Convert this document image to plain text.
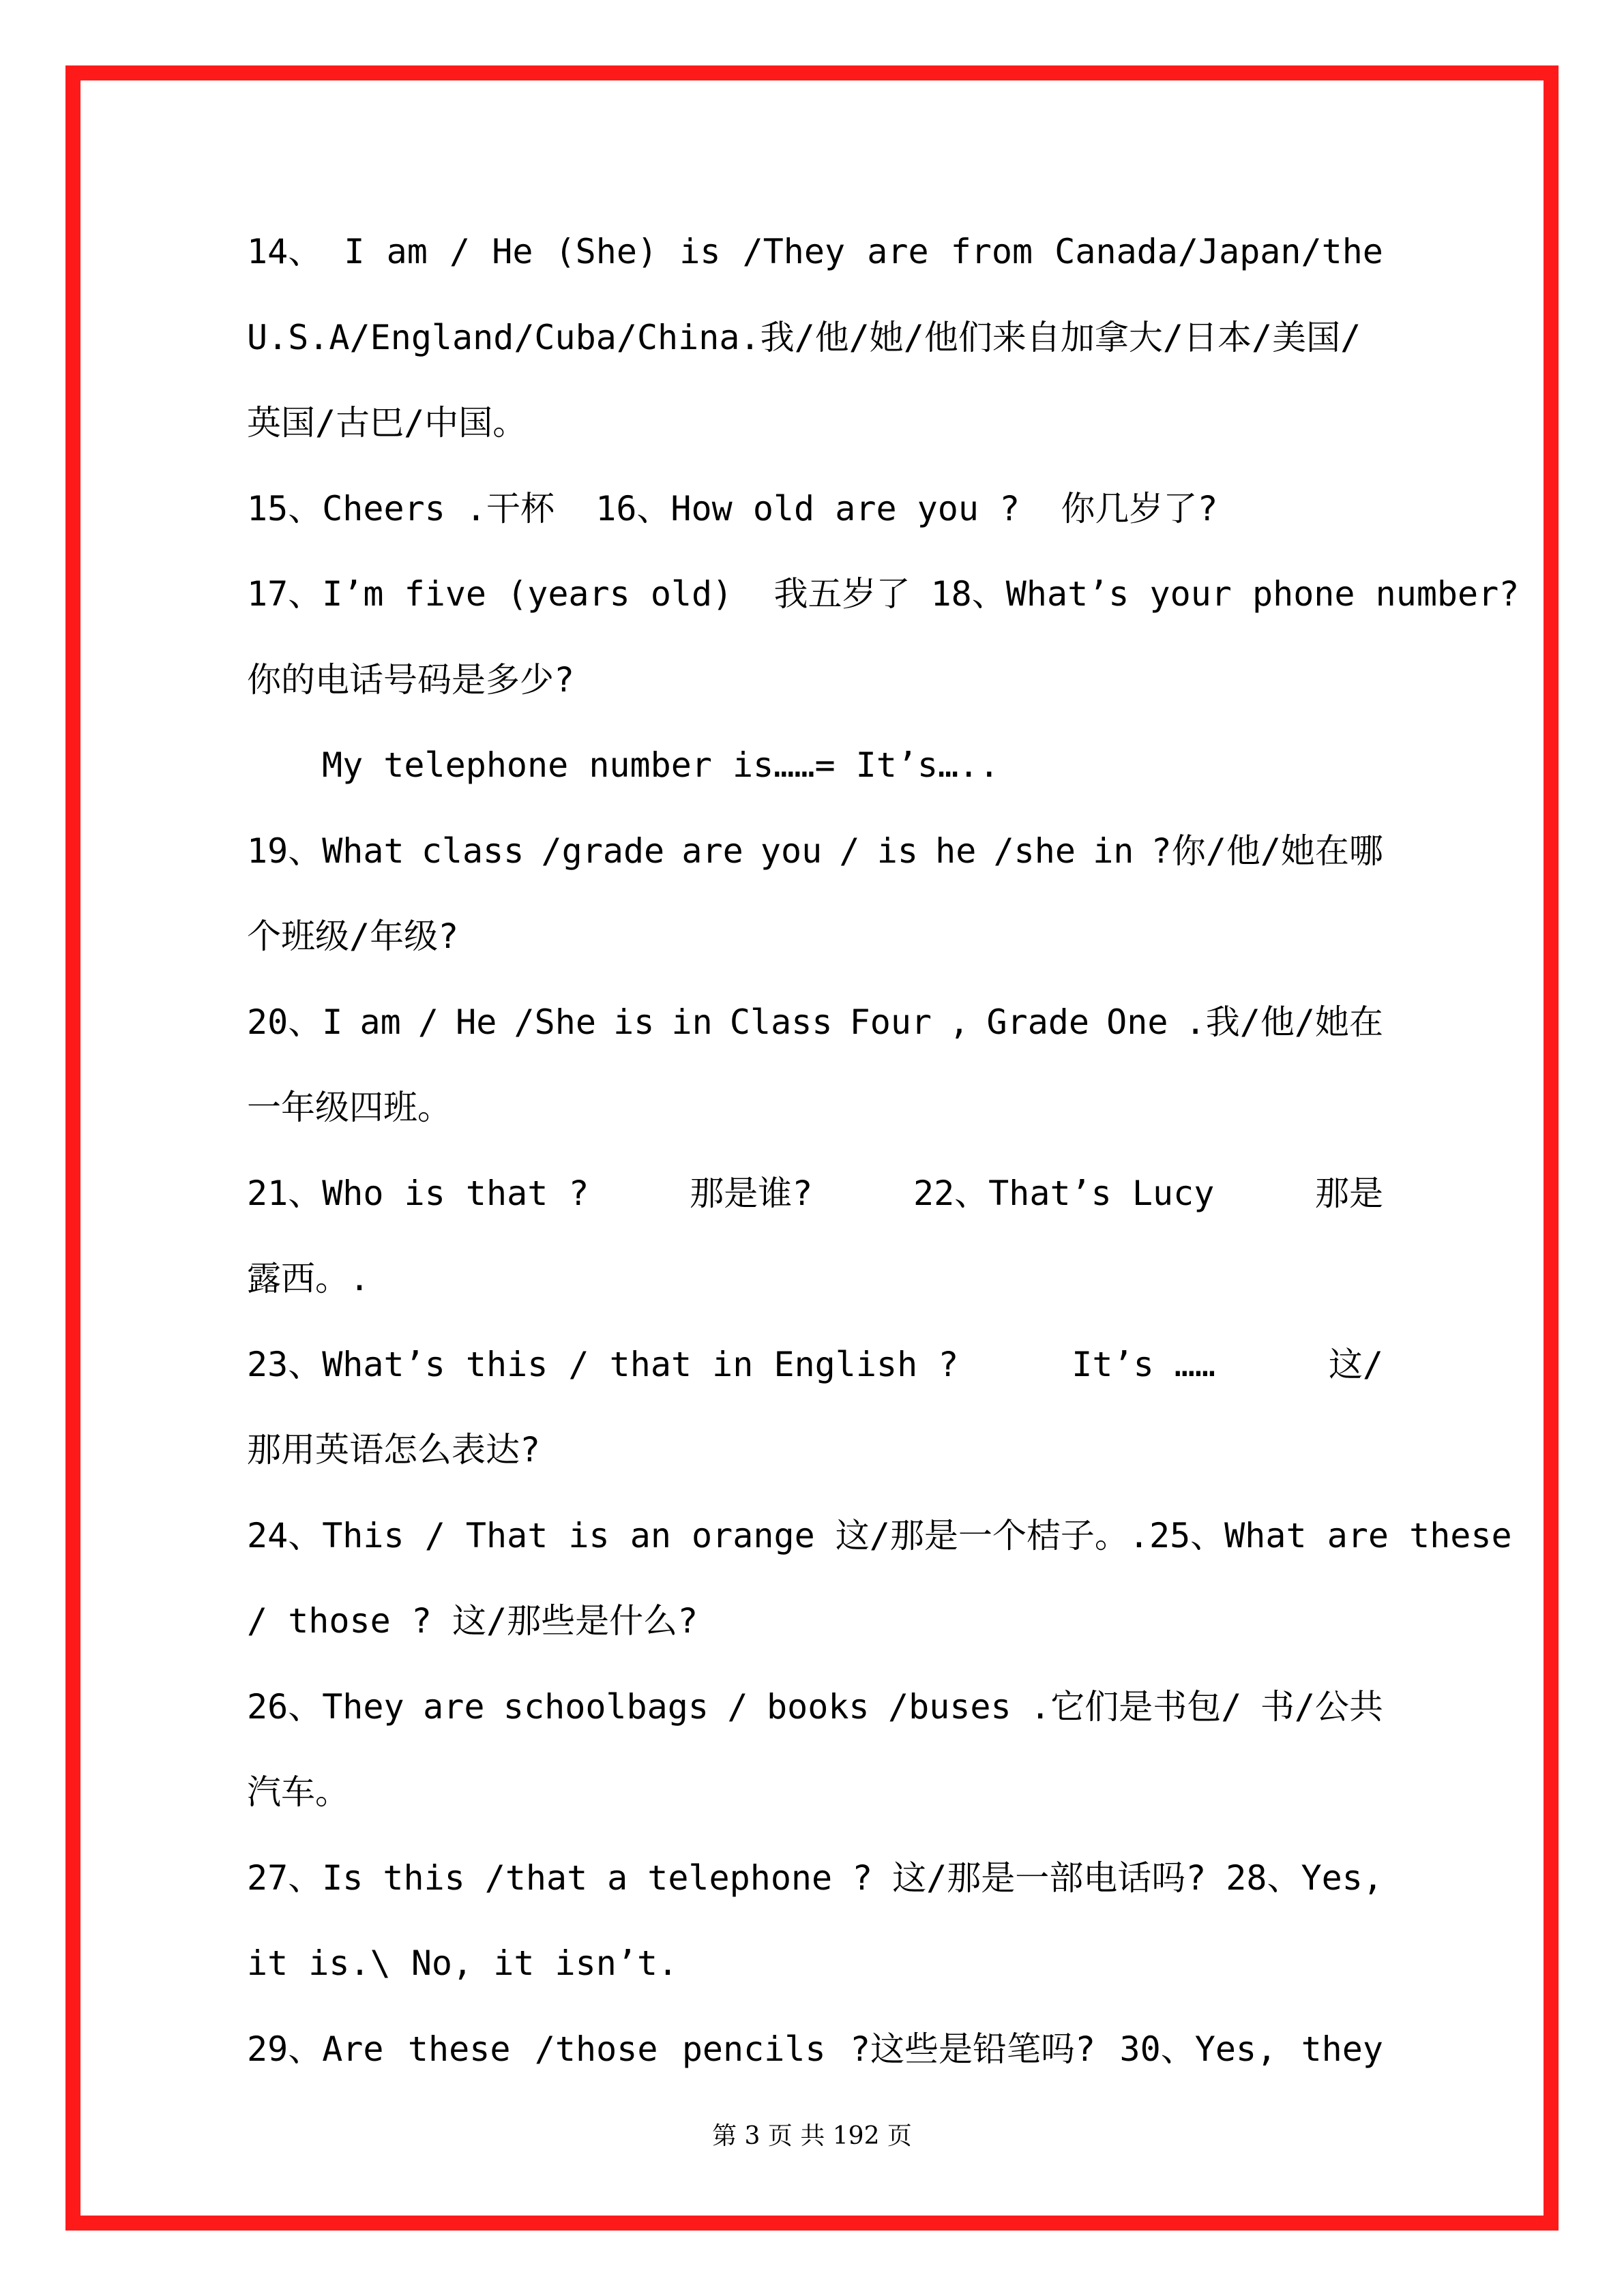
14、 I am / He (She) is /They are from Canada/Japan/the
U.S.A/England/Cuba/China.我/他/她/他们来自加拿大/日本/美国/
英国/古巴/中国。
15、Cheers .干杯  16、How old are you ?  你几岁了?
17、I’m five (years old)  我五岁了 18、What’s your phone number ?
你的电话号码是多少?
My telephone number is……= It’s…..
19、What class /grade are you / is he /she in ?你/他/她在哪
个班级/年级?
20、I am / He /She is in Class Four , Grade One .我/他/她在
一年级四班。
21、Who is that ?	那是谁?	22、That’s Lucy	那是
露西。.
23、What’s this / that in English ?	It’s ……	这/
那用英语怎么表达?
24、This / That is an orange 这/那是一个桔子。.25、What are these
/ those ? 这/那些是什么?
26、They are schoolbags / books /buses .它们是书包/ 书/公共
汽车。
27、Is this /that a telephone ? 这/那是一部电话吗? 28、Yes,
it is.\ No, it isn’t.
29、Are these /those pencils ?这些是铅笔吗? 30、Yes, they
第 3 页 共 192 页
